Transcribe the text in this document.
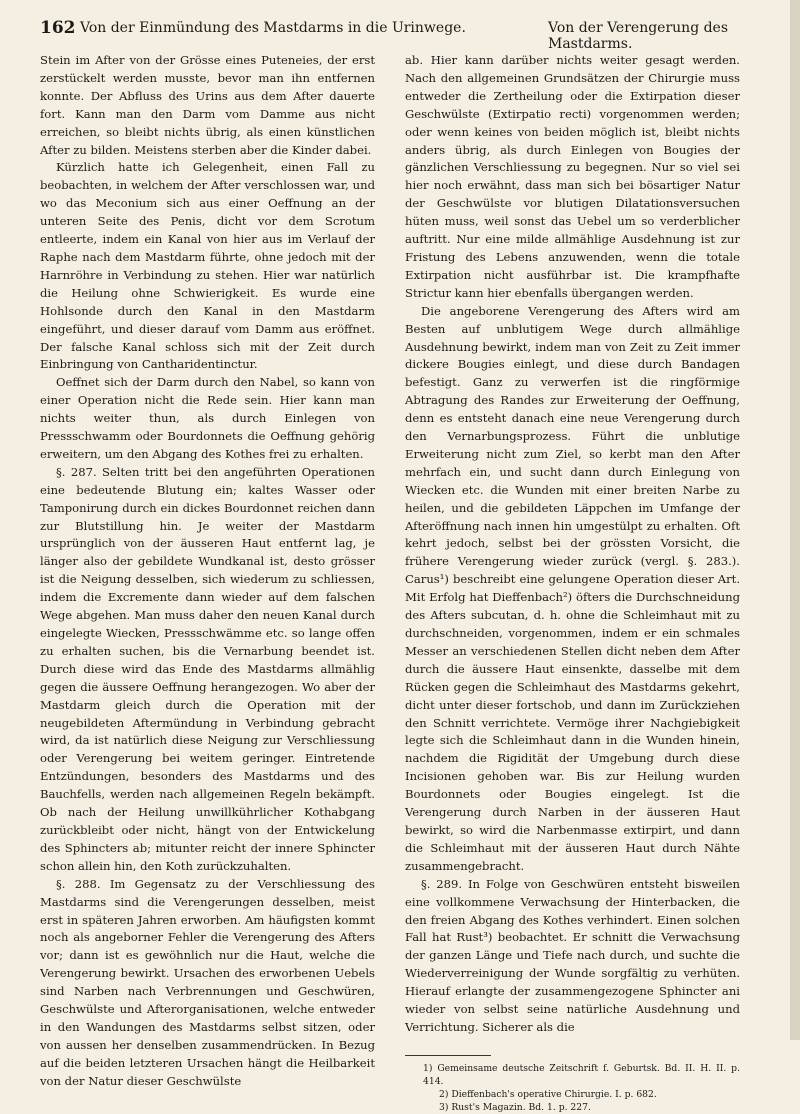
162 Von der Einmündung des Mastdarms in die Urinwege.	Von der Verengerung des Mastdarms.

Stein im After von der Grösse eines Puteneies, der erst zerstückelt werden musste, bevor man ihn entfernen konnte. Der Abfluss des Urins aus dem After dauerte fort. Kann man den Darm vom Damme aus nicht erreichen, so bleibt nichts übrig, als einen künstlichen After zu bilden. Meistens sterben aber die Kinder dabei.

Kürzlich hatte ich Gelegenheit, einen Fall zu beobachten, in welchem der After verschlossen war, und wo das Meconium sich aus einer Oeffnung an der unteren Seite des Penis, dicht vor dem Scrotum entleerte, indem ein Kanal von hier aus im Verlauf der Raphe nach dem Mastdarm führte, ohne jedoch mit der Harnröhre in Verbindung zu stehen. Hier war natürlich die Heilung ohne Schwierigkeit. Es wurde eine Hohlsonde durch den Kanal in den Mastdarm eingeführt, und dieser darauf vom Damm aus eröffnet. Der falsche Kanal schloss sich mit der Zeit durch Einbringung von Cantharidentinctur.

Oeffnet sich der Darm durch den Nabel, so kann von einer Operation nicht die Rede sein. Hier kann man nichts weiter thun, als durch Einlegen von Pressschwamm oder Bourdonnets die Oeffnung gehörig erweitern, um den Abgang des Kothes frei zu erhalten.

§. 287. Selten tritt bei den angeführten Operationen eine bedeutende Blutung ein; kaltes Wasser oder Tamponirung durch ein dickes Bourdonnet reichen dann zur Blutstillung hin. Je weiter der Mastdarm ursprünglich von der äusseren Haut entfernt lag, je länger also der gebildete Wundkanal ist, desto grösser ist die Neigung desselben, sich wiederum zu schliessen, indem die Excremente dann wieder auf dem falschen Wege abgehen. Man muss daher den neuen Kanal durch eingelegte Wiecken, Pressschwämme etc. so lange offen zu erhalten suchen, bis die Vernarbung beendet ist. Durch diese wird das Ende des Mastdarms allmählig gegen die äussere Oeffnung herangezogen. Wo aber der Mastdarm gleich durch die Operation mit der neugebildeten Aftermündung in Verbindung gebracht wird, da ist natürlich diese Neigung zur Verschliessung oder Verengerung bei weitem geringer. Eintretende Entzündungen, besonders des Mastdarms und des Bauchfells, werden nach allgemeinen Regeln bekämpft. Ob nach der Heilung unwillkührlicher Kothabgang zurückbleibt oder nicht, hängt von der Entwickelung des Sphincters ab; mitunter reicht der innere Sphincter schon allein hin, den Koth zurückzuhalten.

§. 288. Im Gegensatz zu der Verschliessung des Mastdarms sind die Verengerungen desselben, meist erst in späteren Jahren erworben. Am häufigsten kommt noch als angeborner Fehler die Verengerung des Afters vor; dann ist es gewöhnlich nur die Haut, welche die Verengerung bewirkt. Ursachen des erworbenen Uebels sind Narben nach Verbrennungen und Geschwüren, Geschwülste und Afterorganisationen, welche entweder in den Wandungen des Mastdarms selbst sitzen, oder von aussen her denselben zusammendrücken. In Bezug auf die beiden letzteren Ursachen hängt die Heilbarkeit von der Natur dieser Geschwülste

ab. Hier kann darüber nichts weiter gesagt werden. Nach den allgemeinen Grundsätzen der Chirurgie muss entweder die Zertheilung oder die Extirpation dieser Geschwülste (Extirpatio recti) vorgenommen werden; oder wenn keines von beiden möglich ist, bleibt nichts anders übrig, als durch Einlegen von Bougies der gänzlichen Verschliessung zu begegnen. Nur so viel sei hier noch erwähnt, dass man sich bei bösartiger Natur der Geschwülste vor blutigen Dilatationsversuchen hüten muss, weil sonst das Uebel um so verderblicher auftritt. Nur eine milde allmählige Ausdehnung ist zur Fristung des Lebens anzuwenden, wenn die totale Extirpation nicht ausführbar ist. Die krampfhafte Strictur kann hier ebenfalls übergangen werden.

Die angeborene Verengerung des Afters wird am Besten auf unblutigem Wege durch allmählige Ausdehnung bewirkt, indem man von Zeit zu Zeit immer dickere Bougies einlegt, und diese durch Bandagen befestigt. Ganz zu verwerfen ist die ringförmige Abtragung des Randes zur Erweiterung der Oeffnung, denn es entsteht danach eine neue Verengerung durch den Vernarbungsprozess. Führt die unblutige Erweiterung nicht zum Ziel, so kerbt man den After mehrfach ein, und sucht dann durch Einlegung von Wiecken etc. die Wunden mit einer breiten Narbe zu heilen, und die gebildeten Läppchen im Umfange der Afteröffnung nach innen hin umgestülpt zu erhalten. Oft kehrt jedoch, selbst bei der grössten Vorsicht, die frühere Verengerung wieder zurück (vergl. §. 283.). Carus¹) beschreibt eine gelungene Operation dieser Art. Mit Erfolg hat Dieffenbach²) öfters die Durchschneidung des Afters subcutan, d. h. ohne die Schleimhaut mit zu durchschneiden, vorgenommen, indem er ein schmales Messer an verschiedenen Stellen dicht neben dem After durch die äussere Haut einsenkte, dasselbe mit dem Rücken gegen die Schleimhaut des Mastdarms gekehrt, dicht unter dieser fortschob, und dann im Zurückziehen den Schnitt verrichtete. Vermöge ihrer Nachgiebigkeit legte sich die Schleimhaut dann in die Wunden hinein, nachdem die Rigidität der Umgebung durch diese Incisionen gehoben war. Bis zur Heilung wurden Bourdonnets oder Bougies eingelegt. Ist die Verengerung durch Narben in der äusseren Haut bewirkt, so wird die Narbenmasse extirpirt, und dann die Schleimhaut mit der äusseren Haut durch Nähte zusammengebracht.

§. 289. In Folge von Geschwüren entsteht bisweilen eine vollkommene Verwachsung der Hinterbacken, die den freien Abgang des Kothes verhindert. Einen solchen Fall hat Rust³) beobachtet. Er schnitt die Verwachsung der ganzen Länge und Tiefe nach durch, und suchte die Wiederverreinigung der Wunde sorgfältig zu verhüten. Hierauf erlangte der zusammengezogene Sphincter ani wieder von selbst seine natürliche Ausdehnung und Verrichtung. Sicherer als die

1) Gemeinsame deutsche Zeitschrift f. Geburtsk. Bd. II. H. II. p. 414.

2) Dieffenbach's operative Chirurgie. I. p. 682.

3) Rust's Magazin. Bd. 1. p. 227.
